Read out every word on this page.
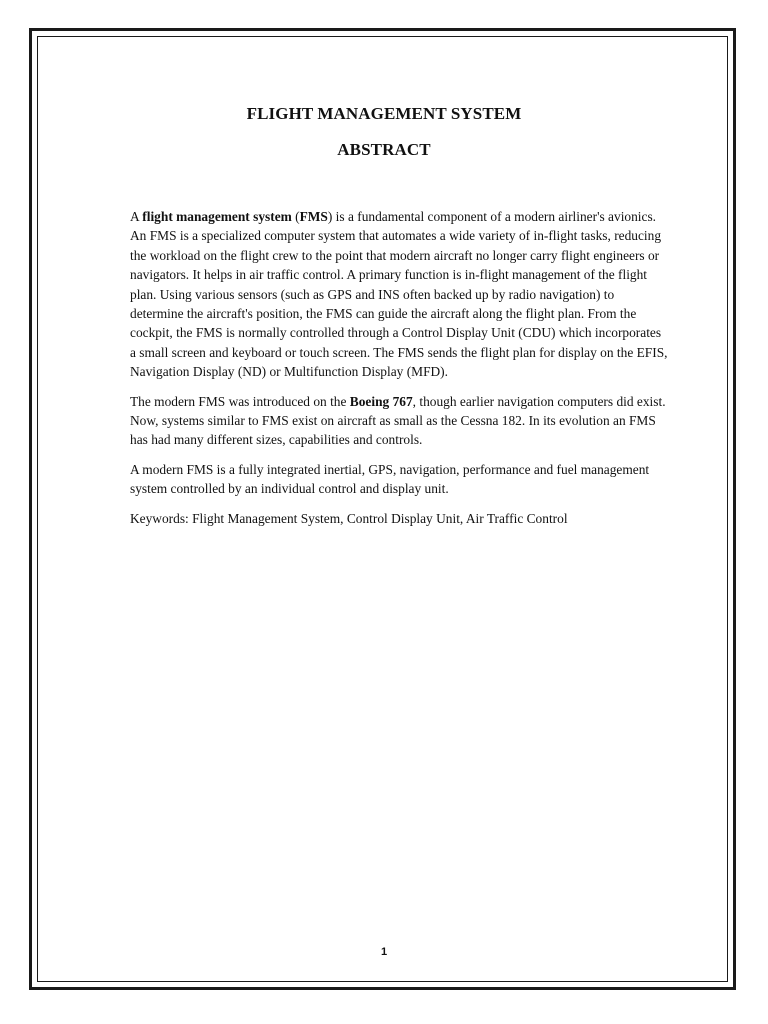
FLIGHT MANAGEMENT SYSTEM
ABSTRACT

A flight management system (FMS) is a fundamental component of a modern airliner's avionics. An FMS is a specialized computer system that automates a wide variety of in-flight tasks, reducing the workload on the flight crew to the point that modern aircraft no longer carry flight engineers or navigators. It helps in air traffic control. A primary function is in-flight management of the flight plan. Using various sensors (such as GPS and INS often backed up by radio navigation) to determine the aircraft's position, the FMS can guide the aircraft along the flight plan. From the cockpit, the FMS is normally controlled through a Control Display Unit (CDU) which incorporates a small screen and keyboard or touch screen. The FMS sends the flight plan for display on the EFIS, Navigation Display (ND) or Multifunction Display (MFD).

The modern FMS was introduced on the Boeing 767, though earlier navigation computers did exist. Now, systems similar to FMS exist on aircraft as small as the Cessna 182. In its evolution an FMS has had many different sizes, capabilities and controls.

A modern FMS is a fully integrated inertial, GPS, navigation, performance and fuel management system controlled by an individual control and display unit.

Keywords: Flight Management System, Control Display Unit, Air Traffic Control

1
